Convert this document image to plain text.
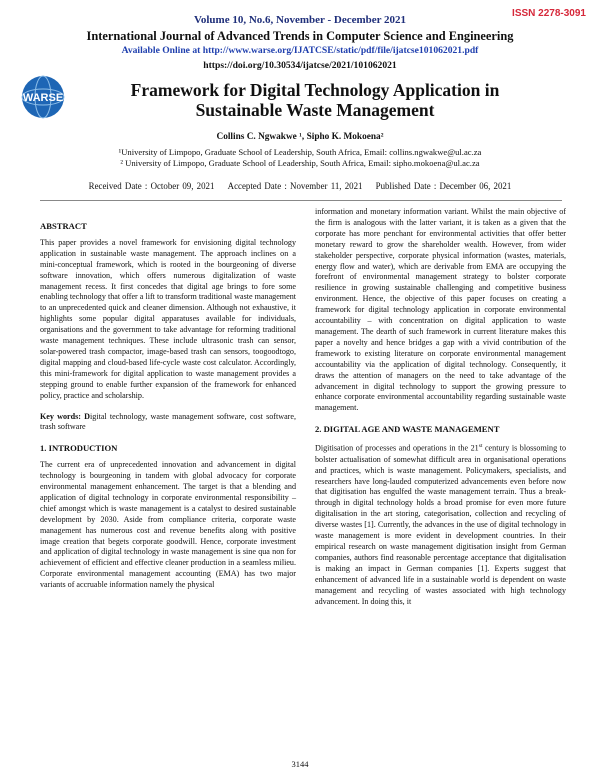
ISSN 2278-3091
Volume 10, No.6, November - December 2021
International Journal of Advanced Trends in Computer Science and Engineering
Available Online at http://www.warse.org/IJATCSE/static/pdf/file/ijatcse101062021.pdf
https://doi.org/10.30534/ijatcse/2021/101062021
WARSE	Framework for Digital Technology Application in
Sustainable Waste Management
Collins C. Ngwakwe ¹, Sipho K. Mokoena²
¹University of Limpopo, Graduate School of Leadership, South Africa, Email: collins.ngwakwe@ul.ac.za
² University of Limpopo, Graduate School of Leadership, South Africa, Email: sipho.mokoena@ul.ac.za
Received Date : October 09, 2021 Accepted Date : November 11, 2021 Published Date : December 06, 2021
ABSTRACT

This paper provides a novel framework for envisioning digital technology application in sustainable waste management. The approach inclines on a mini-conceptual framework, which is rooted in the bourgeoning of diverse software innovation, which offers numerous digitalization of waste management recess. It first concedes that digital age brings to fore some enabling technology that offer a lift to transform traditional waste management to an unprecedented quick and cleaner dimension. Although not exhaustive, it highlights some popular digital apparatuses available for individuals, organisations and the government to take advantage for reforming traditional waste management techniques. These include ultrasonic trash can sensor, solar-powered trash compactor, image-based trash can sensors, toogoodtogo, digital mapping and cloud-based life-cycle waste cost calculator. Accordingly, this mini-framework for digital application to waste management provides a stepping ground to enable further expansion of the framework for enhanced policy, practice and scholarship.

Key words: Digital technology, waste management software, cost software, trash software

1. INTRODUCTION

The current era of unprecedented innovation and advancement in digital technology is bourgeoning in tandem with global advocacy for corporate environmental management enhancement. The target is that a blending and application of digital technology in corporate environmental responsibility – chief amongst which is waste management is a catalyst to desired sustainable development by 2030. Aside from compliance criteria, corporate waste management has numerous cost and revenue benefits along with positive image creation that begets corporate goodwill. Hence, corporate investment and application of digital technology in waste management is sine qua non for achievement of efficient and effective cleaner production in a seamless milieu. Corporate environmental management accounting (EMA) has two major variants of accruable information namely the physical

information and monetary information variant. Whilst the main objective of the firm is analogous with the latter variant, it is taken as a given that the corporate has more penchant for environmental activities that offer better monetary reward to grow the shareholder wealth. However, from wider stakeholder perspective, corporate physical information (wastes, materials, energy flow and water), which are derivable from EMA are occupying the forefront of environmental management strategy to bolster corporate resilience in growing sustainable challenging and competitive business environment. Hence, the objective of this paper focuses on creating a framework for digital technology application in corporate environmental accountability – with concentration on digital application to waste management. The dearth of such framework in current literature makes this paper a novelty and hence bridges a gap with a vivid contribution of the framework to existing literature on corporate environmental management accountability via the application of digital technology. Consequently, it draws the attention of managers on the need to take advantage of the advancement in digital technology to support the growing pressure to enhance corporate environmental accountability regarding sustainable waste management.

2. DIGITAL AGE AND WASTE MANAGEMENT

Digitisation of processes and operations in the 21st century is blossoming to bolster actualisation of somewhat difficult area in organisational operations and practices, which is waste management. Policymakers, specialists, and researchers have long-lauded computerized advancements even before now that digitisation has engulfed the waste management terrain. Thus a break-through in digital technology holds a broad promise for even more future digitalisation in the art storing, categorisation, collection and recycling of diverse wastes [1]. Currently, the advances in the use of digital technology in waste management is more evident in development countries. In their empirical research on waste management digitisation insight from German companies, authors find reasonable percentage acceptance that digitalisation is making an impact in German companies [1]. Experts suggest that enhancement of advanced life in a sustainable world is dependent on waste management and recycling of wastes associated with high technology advancement. In doing this, it

3144
